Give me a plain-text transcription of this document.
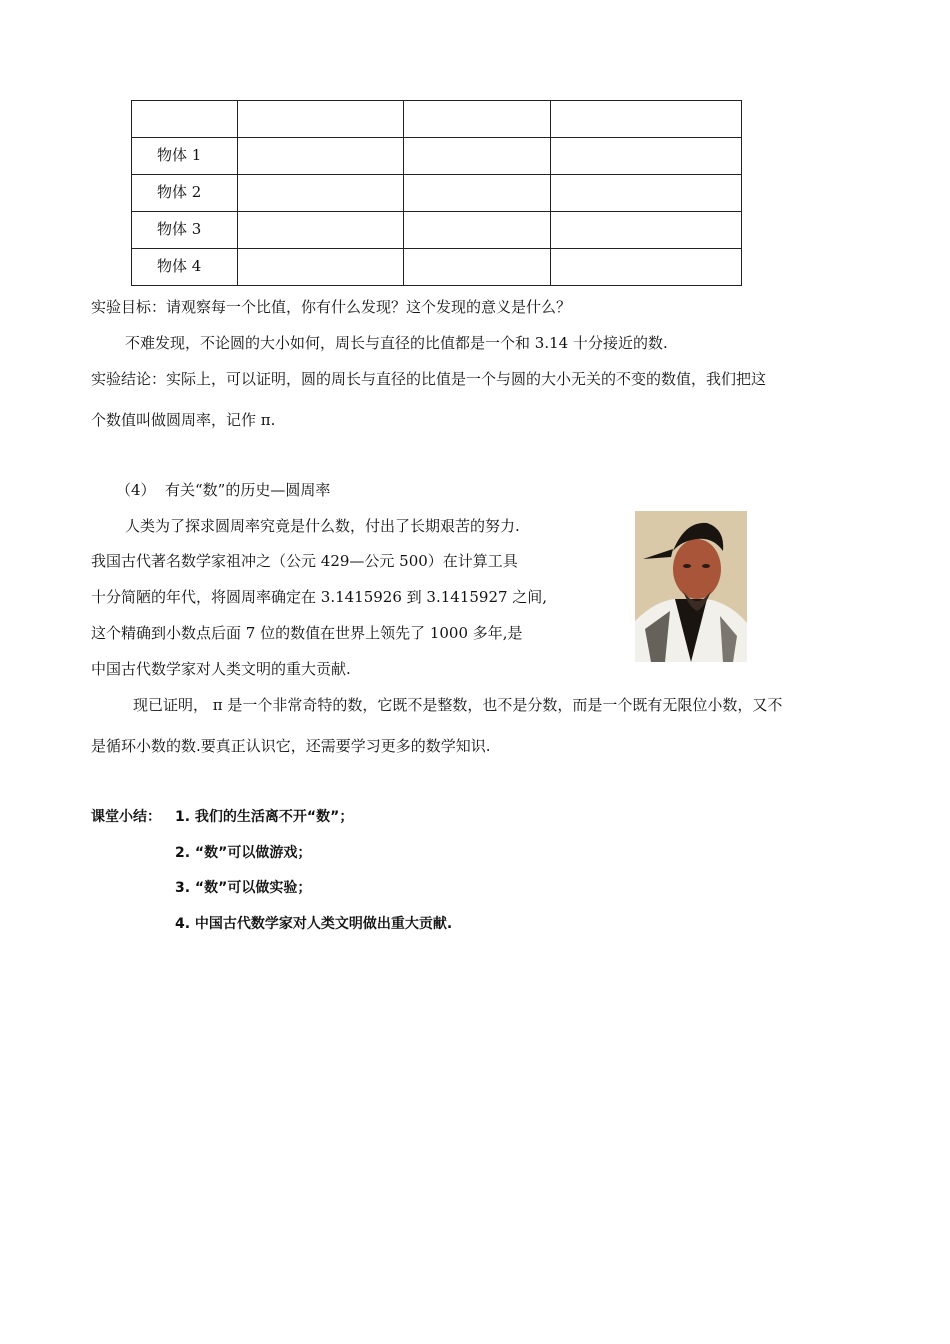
物体 1			
物体 2			
物体 3			
物体 4			
实验目标：请观察每一个比值，你有什么发现？这个发现的意义是什么？
不难发现，不论圆的大小如何，周长与直径的比值都是一个和 3.14 十分接近的数.
实验结论：实际上，可以证明，圆的周长与直径的比值是一个与圆的大小无关的不变的数值，我们把这
个数值叫做圆周率，记作 π.
（4） 有关“数”的历史—圆周率
人类为了探求圆周率究竟是什么数，付出了长期艰苦的努力.
我国古代著名数学家祖冲之（公元 429—公元 500）在计算工具
十分简陋的年代，将圆周率确定在 3.1415926 到 3.1415927 之间,
这个精确到小数点后面 7 位的数值在世界上领先了 1000 多年,是
中国古代数学家对人类文明的重大贡献.
现已证明， π 是一个非常奇特的数，它既不是整数，也不是分数，而是一个既有无限位小数，又不
是循环小数的数.要真正认识它，还需要学习更多的数学知识.
课堂小结： 1. 我们的生活离不开“数”；
2. “数”可以做游戏；
3. “数”可以做实验；
4. 中国古代数学家对人类文明做出重大贡献.
